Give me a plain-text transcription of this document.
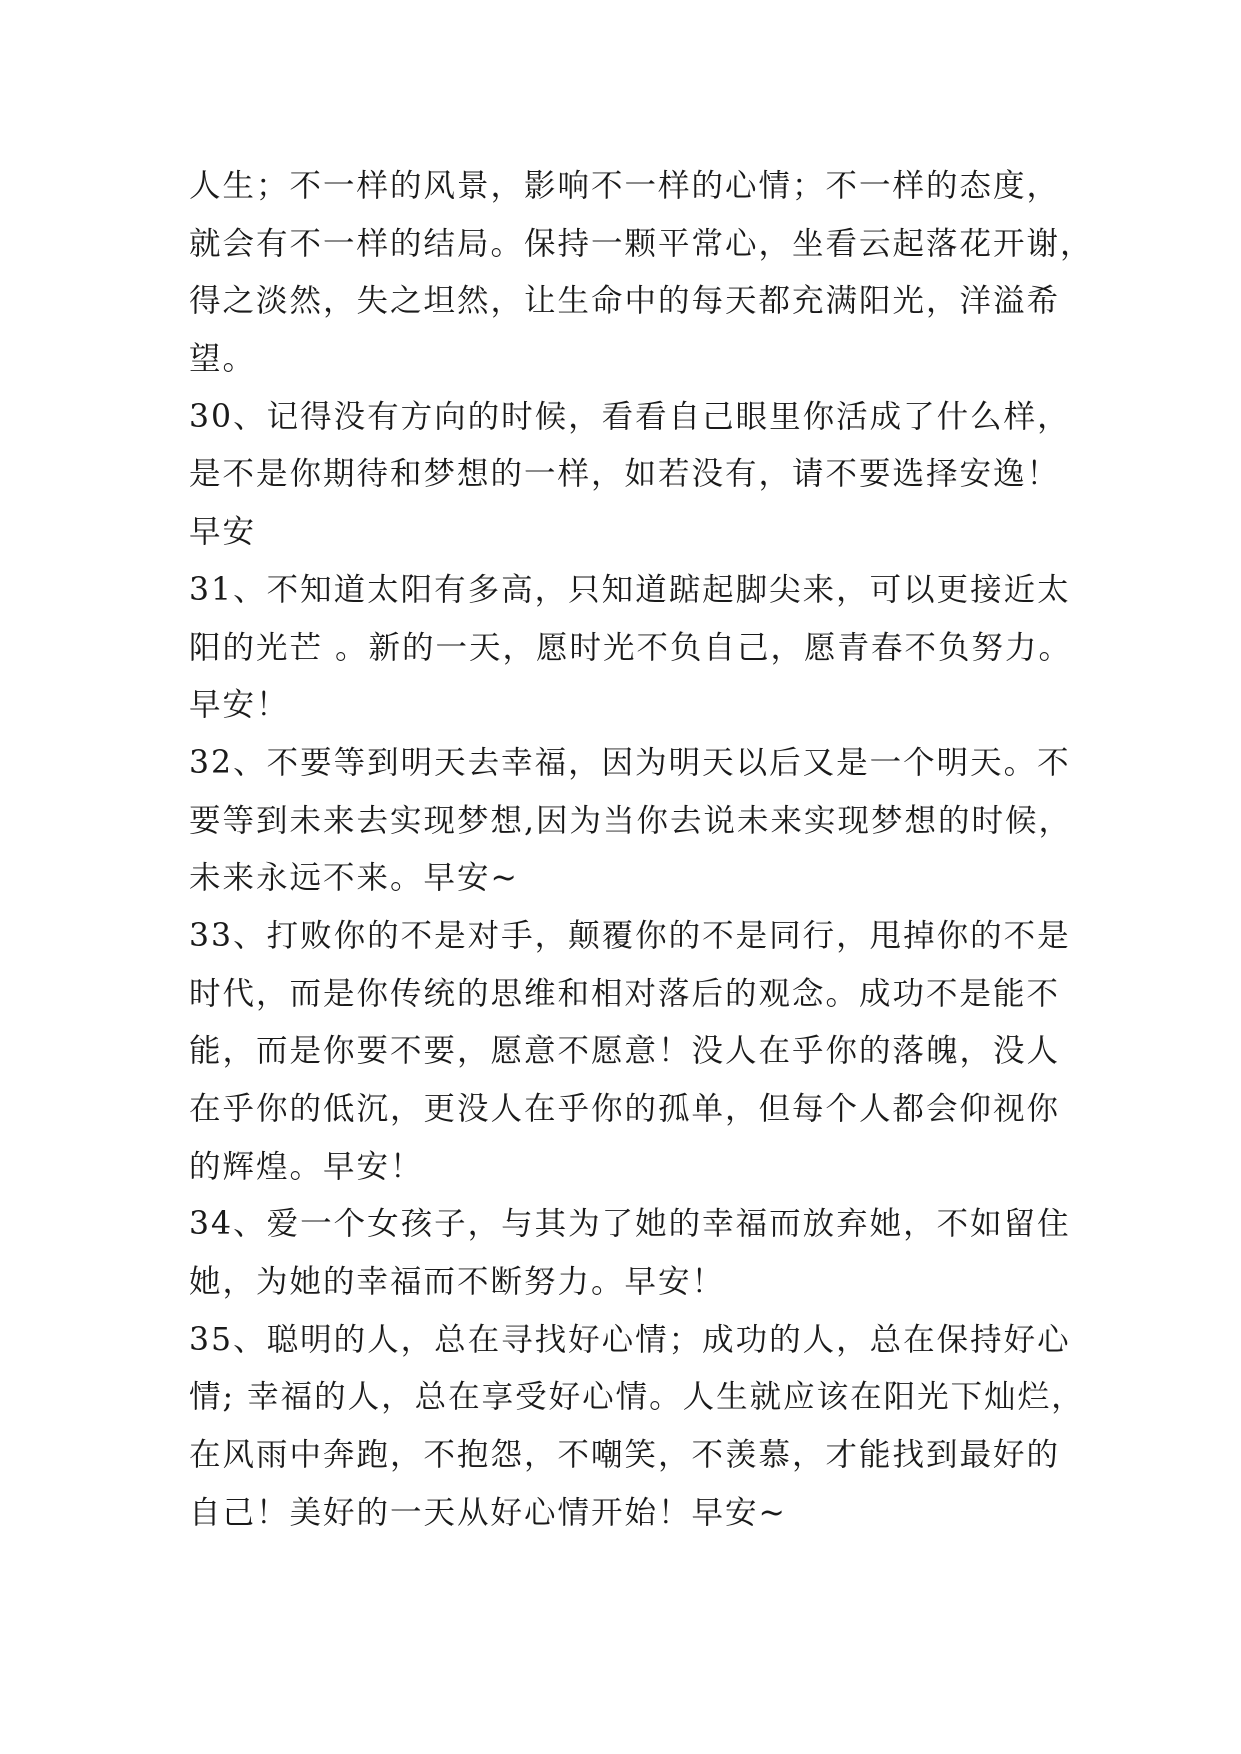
人生；不一样的风景，影响不一样的心情；不一样的态度，
就会有不一样的结局。保持一颗平常心，坐看云起落花开谢，
得之淡然，失之坦然，让生命中的每天都充满阳光，洋溢希
望。
30、记得没有方向的时候，看看自己眼里你活成了什么样，
是不是你期待和梦想的一样，如若没有，请不要选择安逸！
早安
31、不知道太阳有多高，只知道踮起脚尖来，可以更接近太
阳的光芒 。新的一天，愿时光不负自己，愿青春不负努力。
早安！
32、不要等到明天去幸福，因为明天以后又是一个明天。不
要等到未来去实现梦想,因为当你去说未来实现梦想的时候，
未来永远不来。早安~
33、打败你的不是对手，颠覆你的不是同行，甩掉你的不是
时代，而是你传统的思维和相对落后的观念。成功不是能不
能，而是你要不要，愿意不愿意！没人在乎你的落魄，没人
在乎你的低沉，更没人在乎你的孤单，但每个人都会仰视你
的辉煌。早安！
34、爱一个女孩子，与其为了她的幸福而放弃她，不如留住
她，为她的幸福而不断努力。早安！
35、聪明的人，总在寻找好心情；成功的人，总在保持好心
情; 幸福的人，总在享受好心情。人生就应该在阳光下灿烂，
在风雨中奔跑，不抱怨，不嘲笑，不羡慕，才能找到最好的
自己！美好的一天从好心情开始！早安~
